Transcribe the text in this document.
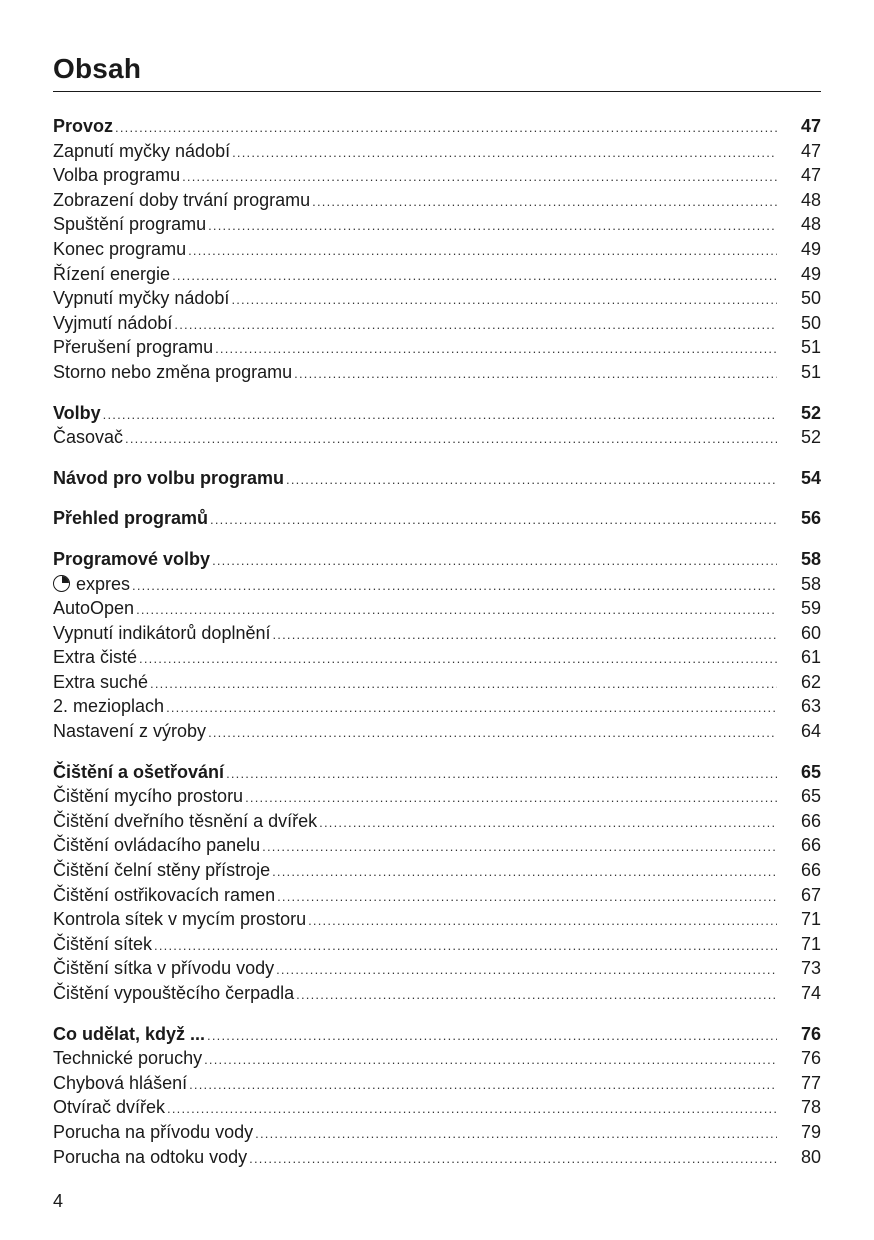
Obsah
Provoz .....	47
Zapnutí myčky nádobí .....	47
Volba programu .....	47
Zobrazení doby trvání programu .....	48
Spuštění programu .....	48
Konec programu .....	49
Řízení energie .....	49
Vypnutí myčky nádobí .....	50
Vyjmutí nádobí .....	50
Přerušení programu .....	51
Storno nebo změna programu .....	51
Volby .....	52
Časovač .....	52
Návod pro volbu programu .....	54
Přehled programů .....	56
Programové volby .....	58
expres .....	58
AutoOpen .....	59
Vypnutí indikátorů doplnění .....	60
Extra čisté .....	61
Extra suché .....	62
2. mezioplach .....	63
Nastavení z výroby .....	64
Čištění a ošetřování .....	65
Čištění mycího prostoru .....	65
Čištění dveřního těsnění a dvířek .....	66
Čištění ovládacího panelu .....	66
Čištění čelní stěny přístroje .....	66
Čištění ostřikovacích ramen .....	67
Kontrola sítek v mycím prostoru .....	71
Čištění sítek .....	71
Čištění sítka v přívodu vody .....	73
Čištění vypouštěcího čerpadla .....	74
Co udělat, když ... .....	76
Technické poruchy .....	76
Chybová hlášení .....	77
Otvírač dvířek .....	78
Porucha na přívodu vody .....	79
Porucha na odtoku vody .....	80
4
